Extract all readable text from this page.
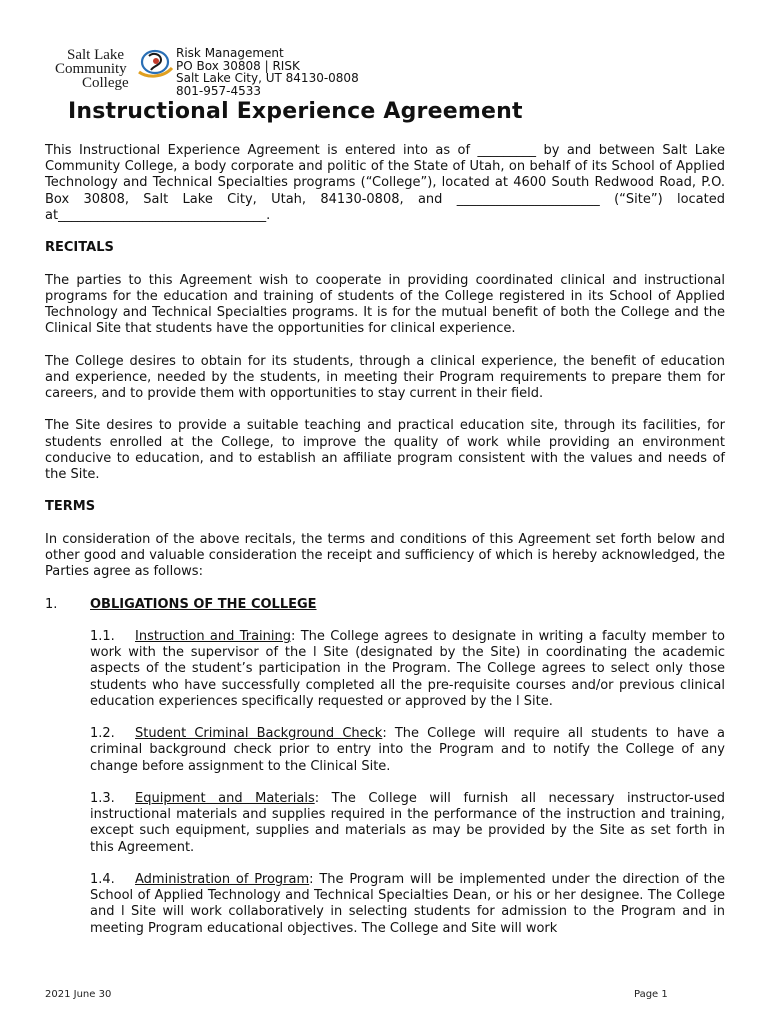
Salt Lake
Community
College
Risk Management
PO Box 30808 | RISK
Salt Lake City, UT 84130-0808
801-957-4533
Instructional Experience Agreement

This Instructional Experience Agreement is entered into as of _________ by and between Salt Lake Community College, a body corporate and politic of the State of Utah, on behalf of its School of Applied Technology and Technical Specialties programs (“College”), located at 4600 South Redwood Road, P.O. Box 30808, Salt Lake City, Utah, 84130-0808, and ______________________ (“Site”) located at________________________________.

RECITALS

The parties to this Agreement wish to cooperate in providing coordinated clinical and instructional programs for the education and training of students of the College registered in its School of Applied Technology and Technical Specialties programs. It is for the mutual benefit of both the College and the Clinical Site that students have the opportunities for clinical experience.

The College desires to obtain for its students, through a clinical experience, the benefit of education and experience, needed by the students, in meeting their Program requirements to prepare them for careers, and to provide them with opportunities to stay current in their field.

The Site desires to provide a suitable teaching and practical education site, through its facilities, for students enrolled at the College, to improve the quality of work while providing an environment conducive to education, and to establish an affiliate program consistent with the values and needs of the Site.

TERMS

In consideration of the above recitals, the terms and conditions of this Agreement set forth below and other good and valuable consideration the receipt and sufficiency of which is hereby acknowledged, the Parties agree as follows:

1.	OBLIGATIONS OF THE COLLEGE
1.1. Instruction and Training: The College agrees to designate in writing a faculty member to work with the supervisor of the l Site (designated by the Site) in coordinating the academic aspects of the student’s participation in the Program. The College agrees to select only those students who have successfully completed all the pre-requisite courses and/or previous clinical education experiences specifically requested or approved by the l Site.
1.2. Student Criminal Background Check: The College will require all students to have a criminal background check prior to entry into the Program and to notify the College of any change before assignment to the Clinical Site.
1.3. Equipment and Materials: The College will furnish all necessary instructor-used instructional materials and supplies required in the performance of the instruction and training, except such equipment, supplies and materials as may be provided by the Site as set forth in this Agreement.
1.4. Administration of Program: The Program will be implemented under the direction of the School of Applied Technology and Technical Specialties Dean, or his or her designee. The College and l Site will work collaboratively in selecting students for admission to the Program and in meeting Program educational objectives. The College and Site will work
2021 June 30	Page 1
